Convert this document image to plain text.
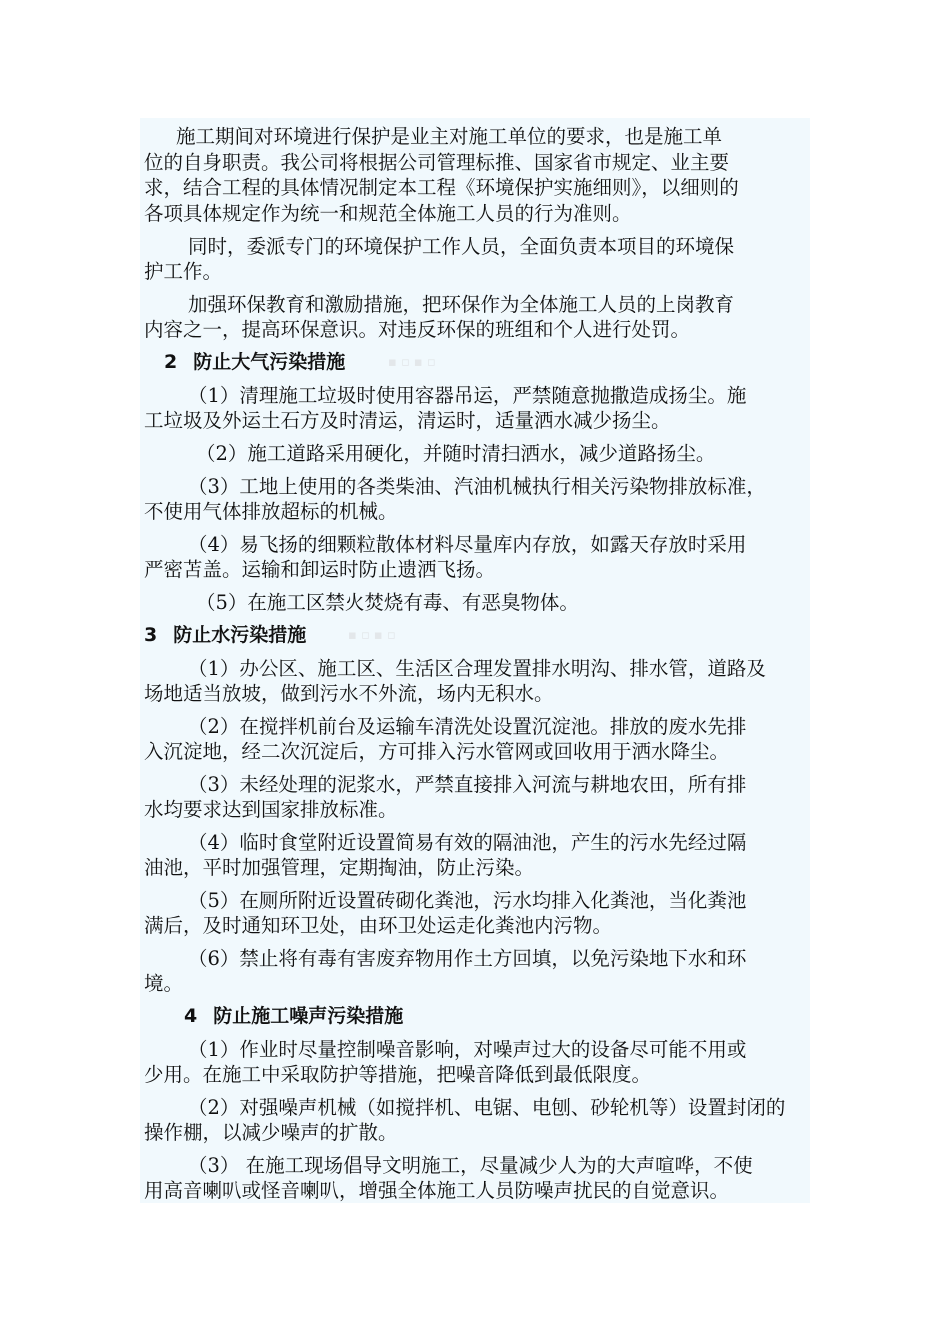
施工期间对环境进行保护是业主对施工单位的要求，也是施工单
位的自身职责。我公司将根据公司管理标推、国家省市规定、业主要
求，结合工程的具体情况制定本工程《环境保护实施细则》，以细则的
各项具体规定作为统一和规范全体施工人员的行为准则。
同时，委派专门的环境保护工作人员，全面负责本项目的环境保
护工作。
加强环保教育和激励措施，把环保作为全体施工人员的上岗教育
内容之一，提高环保意识。对违反环保的班组和个人进行处罚。
2 防止大气污染措施	▪ ▫ ▪ ▫
（1）清理施工垃圾时使用容器吊运，严禁随意抛撒造成扬尘。施
工垃圾及外运土石方及时清运，清运时，适量洒水减少扬尘。
（2）施工道路采用硬化，并随时清扫洒水，减少道路扬尘。
（3）工地上使用的各类柴油、汽油机械执行相关污染物排放标准，
不使用气体排放超标的机械。
（4）易飞扬的细颗粒散体材料尽量库内存放，如露天存放时采用
严密苫盖。运输和卸运时防止遗洒飞扬。
（5）在施工区禁火焚烧有毒、有恶臭物体。
3 防止水污染措施	▪ ▫ ▪ ▫
（1）办公区、施工区、生活区合理发置排水明沟、排水管，道路及
场地适当放坡，做到污水不外流，场内无积水。
（2）在搅拌机前台及运输车清洗处设置沉淀池。排放的废水先排
入沉淀地，经二次沉淀后，方可排入污水管网或回收用于洒水降尘。
（3）未经处理的泥浆水，严禁直接排入河流与耕地农田，所有排
水均要求达到国家排放标准。
（4）临时食堂附近设置简易有效的隔油池，产生的污水先经过隔
油池，平时加强管理，定期掏油，防止污染。
（5）在厕所附近设置砖砌化粪池，污水均排入化粪池，当化粪池
满后，及时通知环卫处，由环卫处运走化粪池内污物。
（6）禁止将有毒有害废弃物用作土方回填，以免污染地下水和环
境。
4 防止施工噪声污染措施
（1）作业时尽量控制噪音影响，对噪声过大的设备尽可能不用或
少用。在施工中采取防护等措施，把噪音降低到最低限度。
（2）对强噪声机械（如搅拌机、电锯、电刨、砂轮机等）设置封闭的
操作棚，以减少噪声的扩散。
（3） 在施工现场倡导文明施工，尽量减少人为的大声喧哗，不使
用高音喇叭或怪音喇叭，增强全体施工人员防噪声扰民的自觉意识。
